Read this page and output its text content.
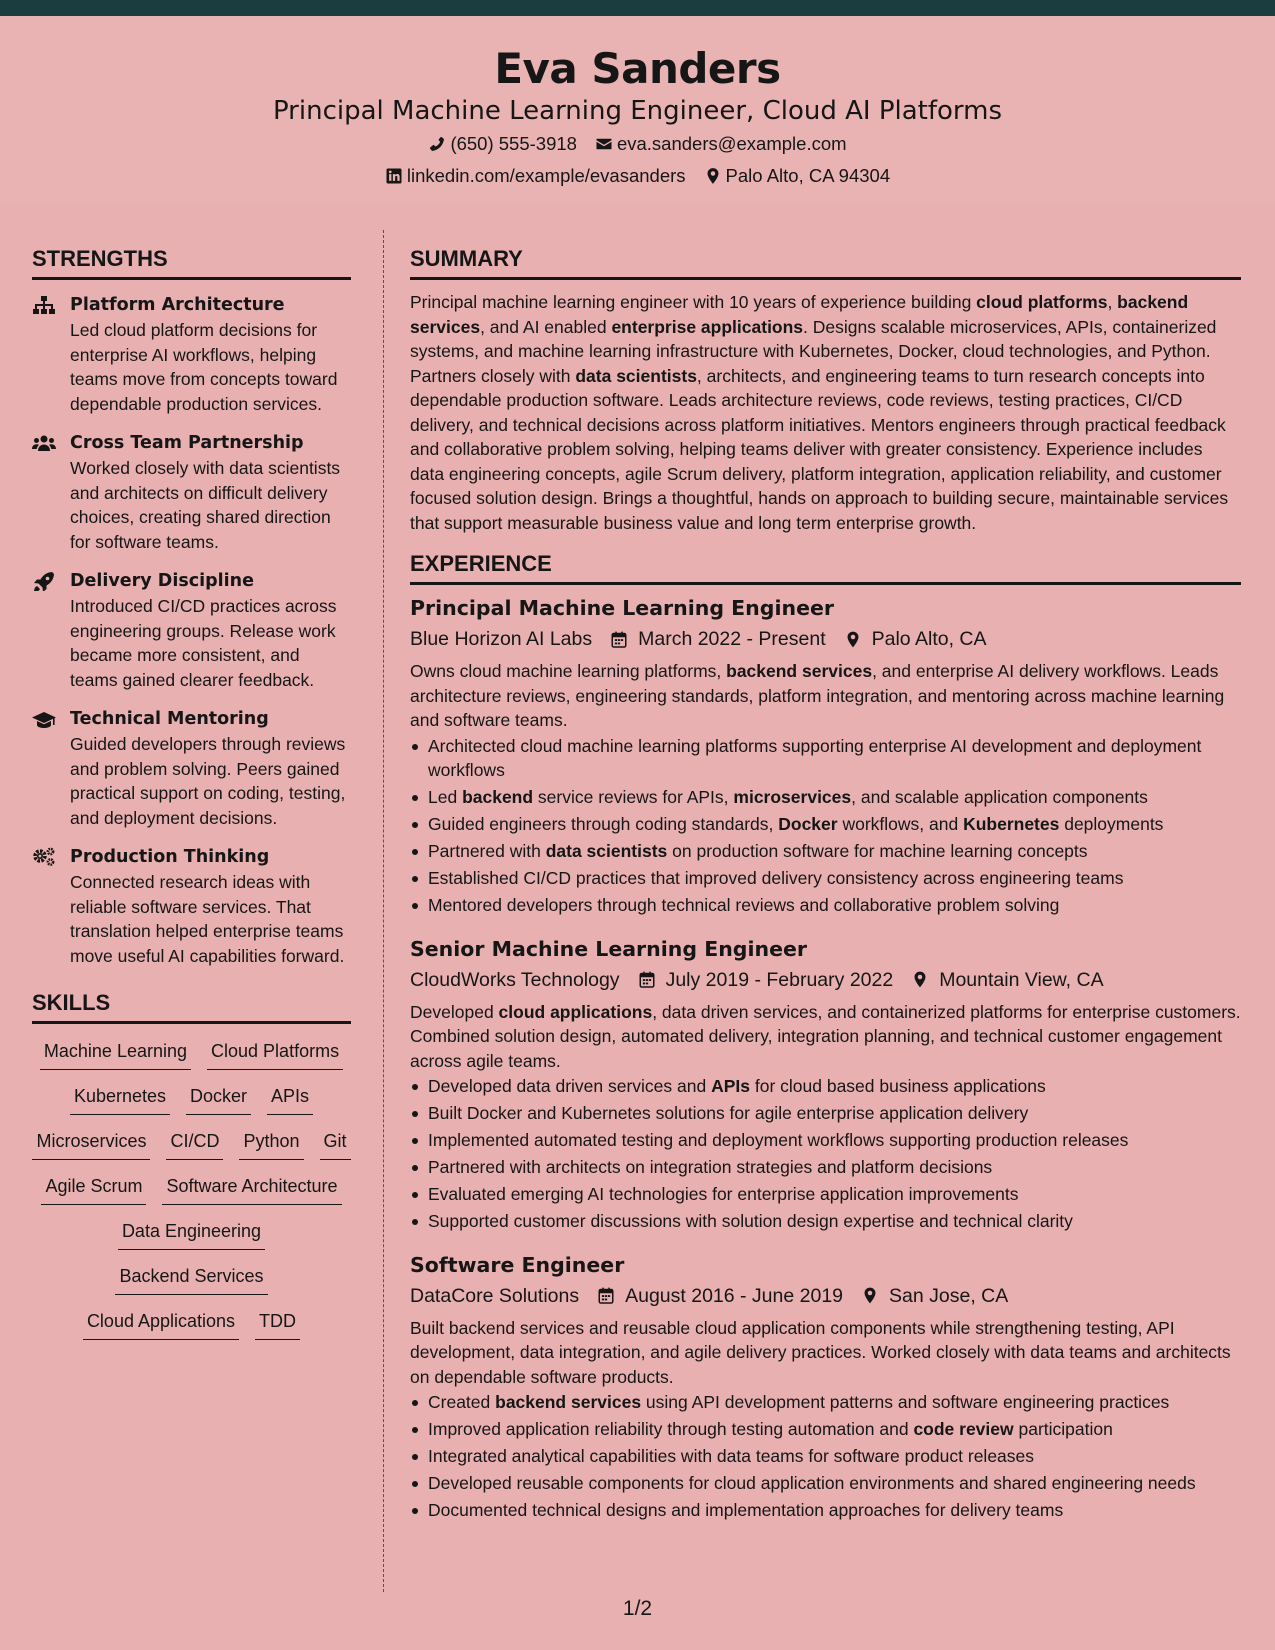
Eva Sanders
Principal Machine Learning Engineer, Cloud AI Platforms
(650) 555-3918 eva.sanders@example.com
linkedin.com/example/evasanders Palo Alto, CA 94304
STRENGTHS
Platform Architecture
Led cloud platform decisions for enterprise AI workflows, helping teams move from concepts toward dependable production services.
Cross Team Partnership
Worked closely with data scientists and architects on difficult delivery choices, creating shared direction for software teams.
Delivery Discipline
Introduced CI/CD practices across engineering groups. Release work became more consistent, and teams gained clearer feedback.
Technical Mentoring
Guided developers through reviews and problem solving. Peers gained practical support on coding, testing, and deployment decisions.
Production Thinking
Connected research ideas with reliable software services. That translation helped enterprise teams move useful AI capabilities forward.
SKILLS
Machine Learning Cloud Platforms
Kubernetes Docker APIs
Microservices CI/CD Python Git
Agile Scrum Software Architecture
Data Engineering
Backend Services
Cloud Applications TDD
SUMMARY

Principal machine learning engineer with 10 years of experience building cloud platforms, backend services, and AI enabled enterprise applications. Designs scalable microservices, APIs, containerized systems, and machine learning infrastructure with Kubernetes, Docker, cloud technologies, and Python. Partners closely with data scientists, architects, and engineering teams to turn research concepts into dependable production software. Leads architecture reviews, code reviews, testing practices, CI/CD delivery, and technical decisions across platform initiatives. Mentors engineers through practical feedback and collaborative problem solving, helping teams deliver with greater consistency. Experience includes data engineering concepts, agile Scrum delivery, platform integration, application reliability, and customer focused solution design. Brings a thoughtful, hands on approach to building secure, maintainable services that support measurable business value and long term enterprise growth.

EXPERIENCE
Principal Machine Learning Engineer
Blue Horizon AI Labs March 2022 - Present Palo Alto, CA

Owns cloud machine learning platforms, backend services, and enterprise AI delivery workflows. Leads architecture reviews, engineering standards, platform integration, and mentoring across machine learning and software teams.

Architected cloud machine learning platforms supporting enterprise AI development and deployment workflows
Led backend service reviews for APIs, microservices, and scalable application components
Guided engineers through coding standards, Docker workflows, and Kubernetes deployments
Partnered with data scientists on production software for machine learning concepts
Established CI/CD practices that improved delivery consistency across engineering teams
Mentored developers through technical reviews and collaborative problem solving
Senior Machine Learning Engineer
CloudWorks Technology July 2019 - February 2022 Mountain View, CA

Developed cloud applications, data driven services, and containerized platforms for enterprise customers. Combined solution design, automated delivery, integration planning, and technical customer engagement across agile teams.

Developed data driven services and APIs for cloud based business applications
Built Docker and Kubernetes solutions for agile enterprise application delivery
Implemented automated testing and deployment workflows supporting production releases
Partnered with architects on integration strategies and platform decisions
Evaluated emerging AI technologies for enterprise application improvements
Supported customer discussions with solution design expertise and technical clarity
Software Engineer
DataCore Solutions August 2016 - June 2019 San Jose, CA

Built backend services and reusable cloud application components while strengthening testing, API development, data integration, and agile delivery practices. Worked closely with data teams and architects on dependable software products.

Created backend services using API development patterns and software engineering practices
Improved application reliability through testing automation and code review participation
Integrated analytical capabilities with data teams for software product releases
Developed reusable components for cloud application environments and shared engineering needs
Documented technical designs and implementation approaches for delivery teams
1/2
